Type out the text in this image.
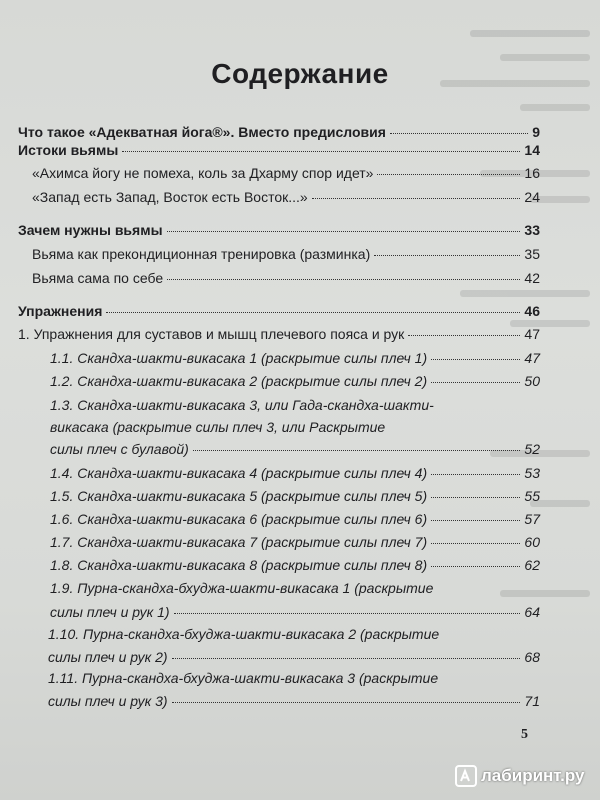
Содержание
Что такое «Адекватная йога®». Вместо предисловия	9
Истоки вьямы	14
«Ахимса йогу не помеха, коль за Дхарму спор идет»	16
«Запад есть Запад, Восток есть Восток...»	24
Зачем нужны вьямы	33
Вьяма как прекондиционная тренировка (разминка)	35
Вьяма сама по себе	42
Упражнения	46
1. Упражнения для суставов и мышц плечевого пояса и рук	47
1.1. Скандха-шакти-викасака 1 (раскрытие силы плеч 1)	47
1.2. Скандха-шакти-викасака 2 (раскрытие силы плеч 2)	50
1.3. Скандха-шакти-викасака 3, или Гада-скандха-шакти-
викасака (раскрытие силы плеч 3, или Раскрытие
силы плеч с булавой)	52
1.4. Скандха-шакти-викасака 4 (раскрытие силы плеч 4)	53
1.5. Скандха-шакти-викасака 5 (раскрытие силы плеч 5)	55
1.6. Скандха-шакти-викасака 6 (раскрытие силы плеч 6)	57
1.7. Скандха-шакти-викасака 7 (раскрытие силы плеч 7)	60
1.8. Скандха-шакти-викасака 8 (раскрытие силы плеч 8)	62
1.9. Пурна-скандха-бхуджа-шакти-викасака 1 (раскрытие
силы плеч и рук 1)	64
1.10. Пурна-скандха-бхуджа-шакти-викасака 2 (раскрытие
силы плеч и рук 2)	68
1.11. Пурна-скандха-бхуджа-шакти-викасака 3 (раскрытие
силы плеч и рук 3)	71
5
лабиринт.ру
